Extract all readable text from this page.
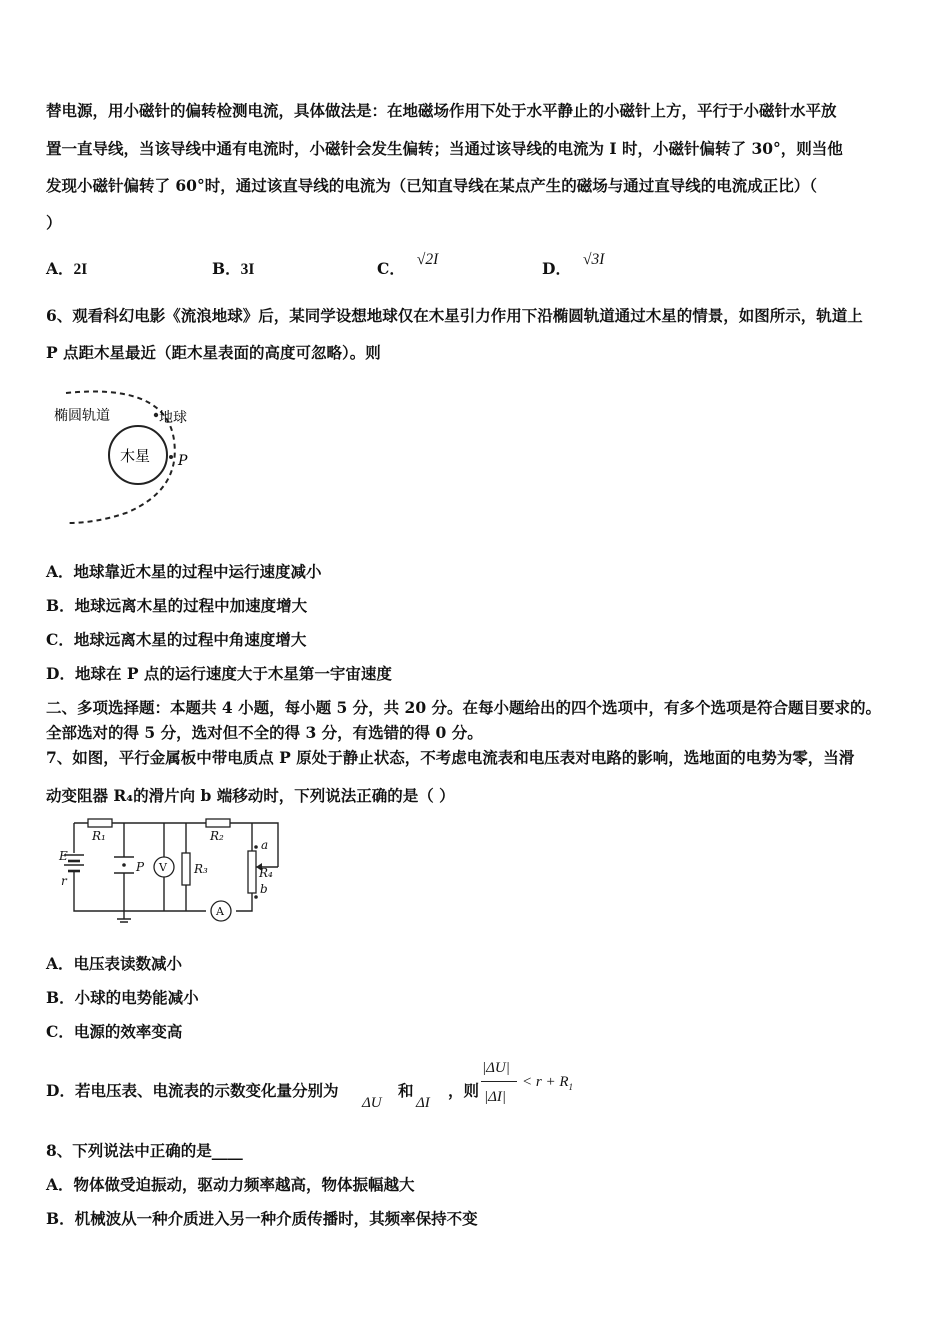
替电源，用小磁针的偏转检测电流，具体做法是：在地磁场作用下处于水平静止的小磁针上方，平行于小磁针水平放
置一直导线，当该导线中通有电流时，小磁针会发生偏转；当通过该导线的电流为 I 时，小磁针偏转了 30°，则当他
发现小磁针偏转了 60°时，通过该直导线的电流为（已知直导线在某点产生的磁场与通过直导线的电流成正比）（
）
A．2I	B．3I	C． √2I	D． √3I
6、观看科幻电影《流浪地球》后，某同学设想地球仅在木星引力作用下沿椭圆轨道通过木星的情景，如图所示，轨道上
P 点距木星最近（距木星表面的高度可忽略）。则
木星
椭圆轨道	地球
P
A．地球靠近木星的过程中运行速度减小
B．地球远离木星的过程中加速度增大
C．地球远离木星的过程中角速度增大
D．地球在 P 点的运行速度大于木星第一宇宙速度
二、多项选择题：本题共 4 小题，每小题 5 分，共 20 分。在每小题给出的四个选项中，有多个选项是符合题目要求的。
全部选对的得 5 分，选对但不全的得 3 分，有选错的得 0 分。
7、如图，平行金属板中带电质点 P 原处于静止状态，不考虑电流表和电压表对电路的影响，选地面的电势为零，当滑
动变阻器 R₄的滑片向 b 端移动时，下列说法正确的是（ ）
E
r
R₁	R₂
R₃	R₄
P
a
b
V
A
A．电压表读数减小
B．小球的电势能减小
C．电源的效率变高
D．若电压表、电流表的示数变化量分别为
ΔU
和
ΔI
，则
|ΔU|
|ΔI|
< $r + R_1$
8、下列说法中正确的是____
A．物体做受迫振动，驱动力频率越高，物体振幅越大
B．机械波从一种介质进入另一种介质传播时，其频率保持不变
